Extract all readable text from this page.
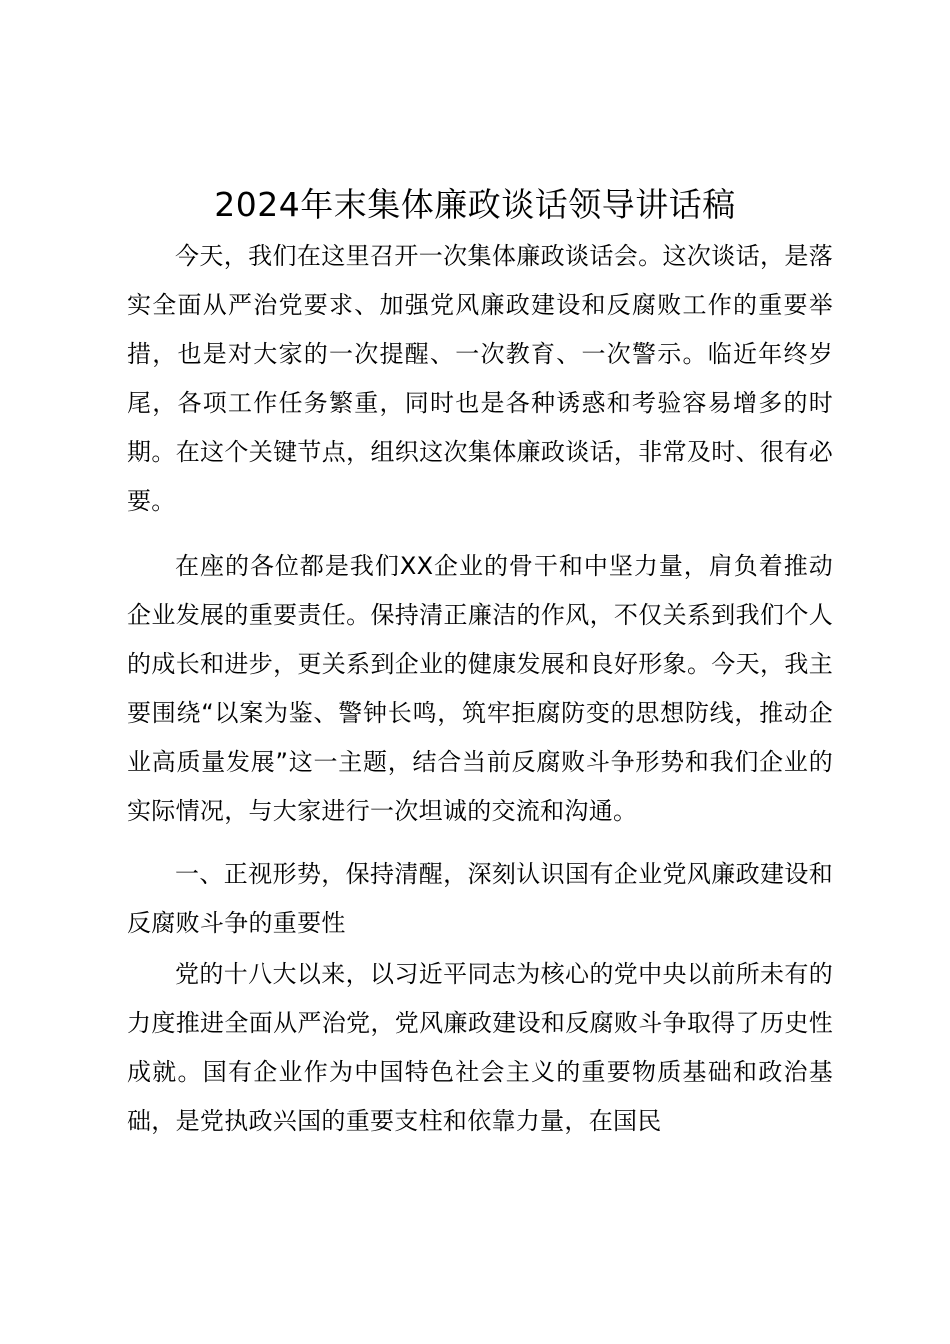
2024年末集体廉政谈话领导讲话稿

今天，我们在这里召开一次集体廉政谈话会。这次谈话，是落实全面从严治党要求、加强党风廉政建设和反腐败工作的重要举措，也是对大家的一次提醒、一次教育、一次警示。临近年终岁尾，各项工作任务繁重，同时也是各种诱惑和考验容易增多的时期。在这个关键节点，组织这次集体廉政谈话，非常及时、很有必要。

在座的各位都是我们XX企业的骨干和中坚力量，肩负着推动企业发展的重要责任。保持清正廉洁的作风，不仅关系到我们个人的成长和进步，更关系到企业的健康发展和良好形象。今天，我主要围绕“以案为鉴、警钟长鸣，筑牢拒腐防变的思想防线，推动企业高质量发展”这一主题，结合当前反腐败斗争形势和我们企业的实际情况，与大家进行一次坦诚的交流和沟通。

一、正视形势，保持清醒，深刻认识国有企业党风廉政建设和反腐败斗争的重要性

党的十八大以来，以习近平同志为核心的党中央以前所未有的力度推进全面从严治党，党风廉政建设和反腐败斗争取得了历史性成就。国有企业作为中国特色社会主义的重要物质基础和政治基础，是党执政兴国的重要支柱和依靠力量，在国民
